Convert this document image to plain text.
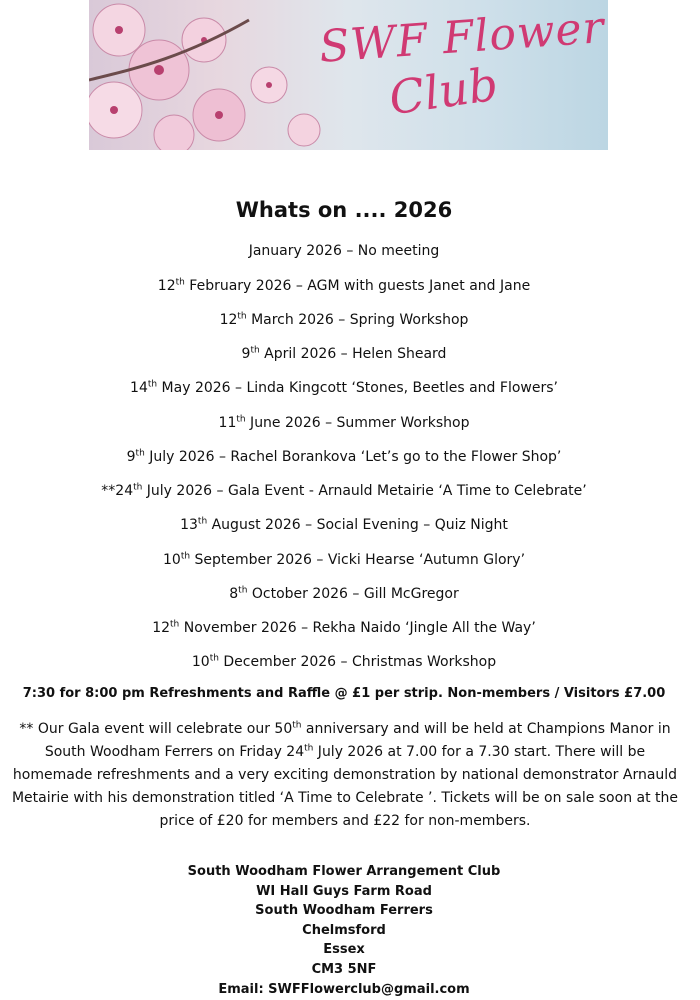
SWF Flower
Club
Whats on .... 2026
January 2026 – No meeting
12th February 2026 – AGM with guests Janet and Jane
12th March 2026 – Spring Workshop
9th April 2026 – Helen Sheard
14th May 2026 – Linda Kingcott ‘Stones, Beetles and Flowers’
11th June 2026 – Summer Workshop
9th July 2026 – Rachel Borankova ‘Let’s go to the Flower Shop’
**24th July 2026 – Gala Event - Arnauld Metairie ‘A Time to Celebrate’
13th August 2026 – Social Evening – Quiz Night
10th September 2026 – Vicki Hearse ‘Autumn Glory’
8th October 2026 – Gill McGregor
12th November 2026 – Rekha Naido ‘Jingle All the Way’
10th December 2026 – Christmas Workshop
7:30 for 8:00 pm Refreshments and Raffle @ £1 per strip. Non-members / Visitors £7.00
** Our Gala event will celebrate our 50th anniversary and will be held at Champions Manor in South Woodham Ferrers on Friday 24th July 2026 at 7.00 for a 7.30 start. There will be homemade refreshments and a very exciting demonstration by national demonstrator Arnauld Metairie with his demonstration titled ‘A Time to Celebrate ’. Tickets will be on sale soon at the price of £20 for members and £22 for non-members.
South Woodham Flower Arrangement Club
WI Hall Guys Farm Road
South Woodham Ferrers
Chelmsford
Essex
CM3 5NF
Email: SWFFlowerclub@gmail.com
